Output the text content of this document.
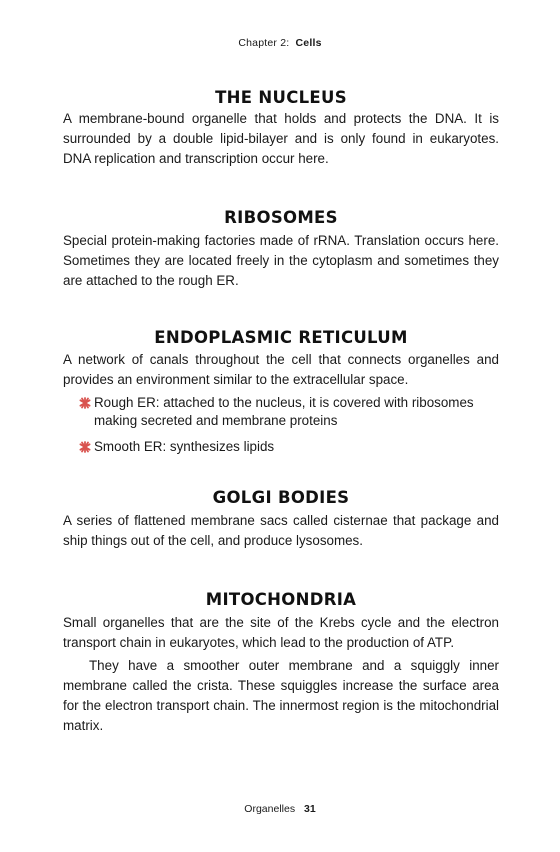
Chapter 2: Cells
THE NUCLEUS

A membrane-bound organelle that holds and protects the DNA. It is surrounded by a double lipid-bilayer and is only found in eukaryotes. DNA replication and transcription occur here.

RIBOSOMES

Special protein-making factories made of rRNA. Translation occurs here. Sometimes they are located freely in the cytoplasm and sometimes they are attached to the rough ER.

ENDOPLASMIC RETICULUM

A network of canals throughout the cell that connects organelles and provides an environment similar to the extracellular space.

Rough ER: attached to the nucleus, it is covered with ribosomes making secreted and membrane proteins
Smooth ER: synthesizes lipids
GOLGI BODIES

A series of flattened membrane sacs called cisternae that package and ship things out of the cell, and produce lysosomes.

MITOCHONDRIA

Small organelles that are the site of the Krebs cycle and the electron transport chain in eukaryotes, which lead to the production of ATP.

They have a smoother outer membrane and a squiggly inner membrane called the crista. These squiggles increase the surface area for the electron transport chain. The innermost region is the mitochondrial matrix.

Organelles 31
